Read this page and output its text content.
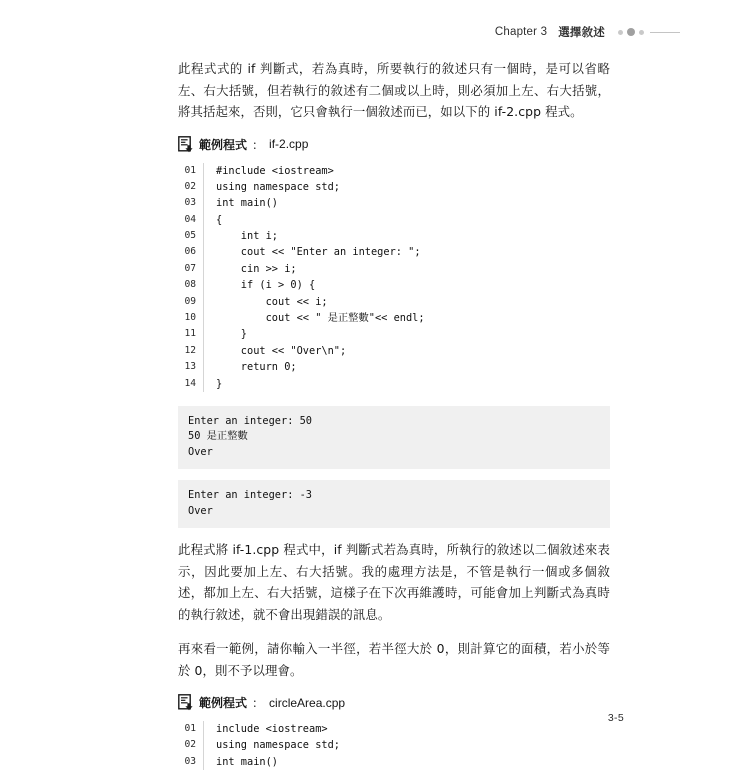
Chapter 3 選擇敘述

此程式式的 if 判斷式，若為真時，所要執行的敘述只有一個時，是可以省略左、右大括號，但若執行的敘述有二個或以上時，則必須加上左、右大括號，將其括起來，否則，它只會執行一個敘述而已，如以下的 if-2.cpp 程式。

範例程式 ： if-2.cpp
01	#include <iostream>
02	using namespace std;
03	int main()
04	{
05	int i;
06	cout << "Enter an integer: ";
07	cin >> i;
08	if (i > 0) {
09	cout << i;
10	cout << " 是正整數"<< endl;
11	}
12	cout << "Over\n";
13	return 0;
14	}
Enter an integer: 50
50 是正整數
Over
Enter an integer: -3
Over

此程式將 if-1.cpp 程式中，if 判斷式若為真時，所執行的敘述以二個敘述來表示，因此要加上左、右大括號。我的處理方法是，不管是執行一個或多個敘述，都加上左、右大括號，這樣子在下次再維護時，可能會加上判斷式為真時的執行敘述，就不會出現錯誤的訊息。

再來看一範例，請你輸入一半徑，若半徑大於 0，則計算它的面積，若小於等於 0，則不予以理會。

範例程式 ： circleArea.cpp
01	include <iostream>
02	using namespace std;
03	int main()
3-5
